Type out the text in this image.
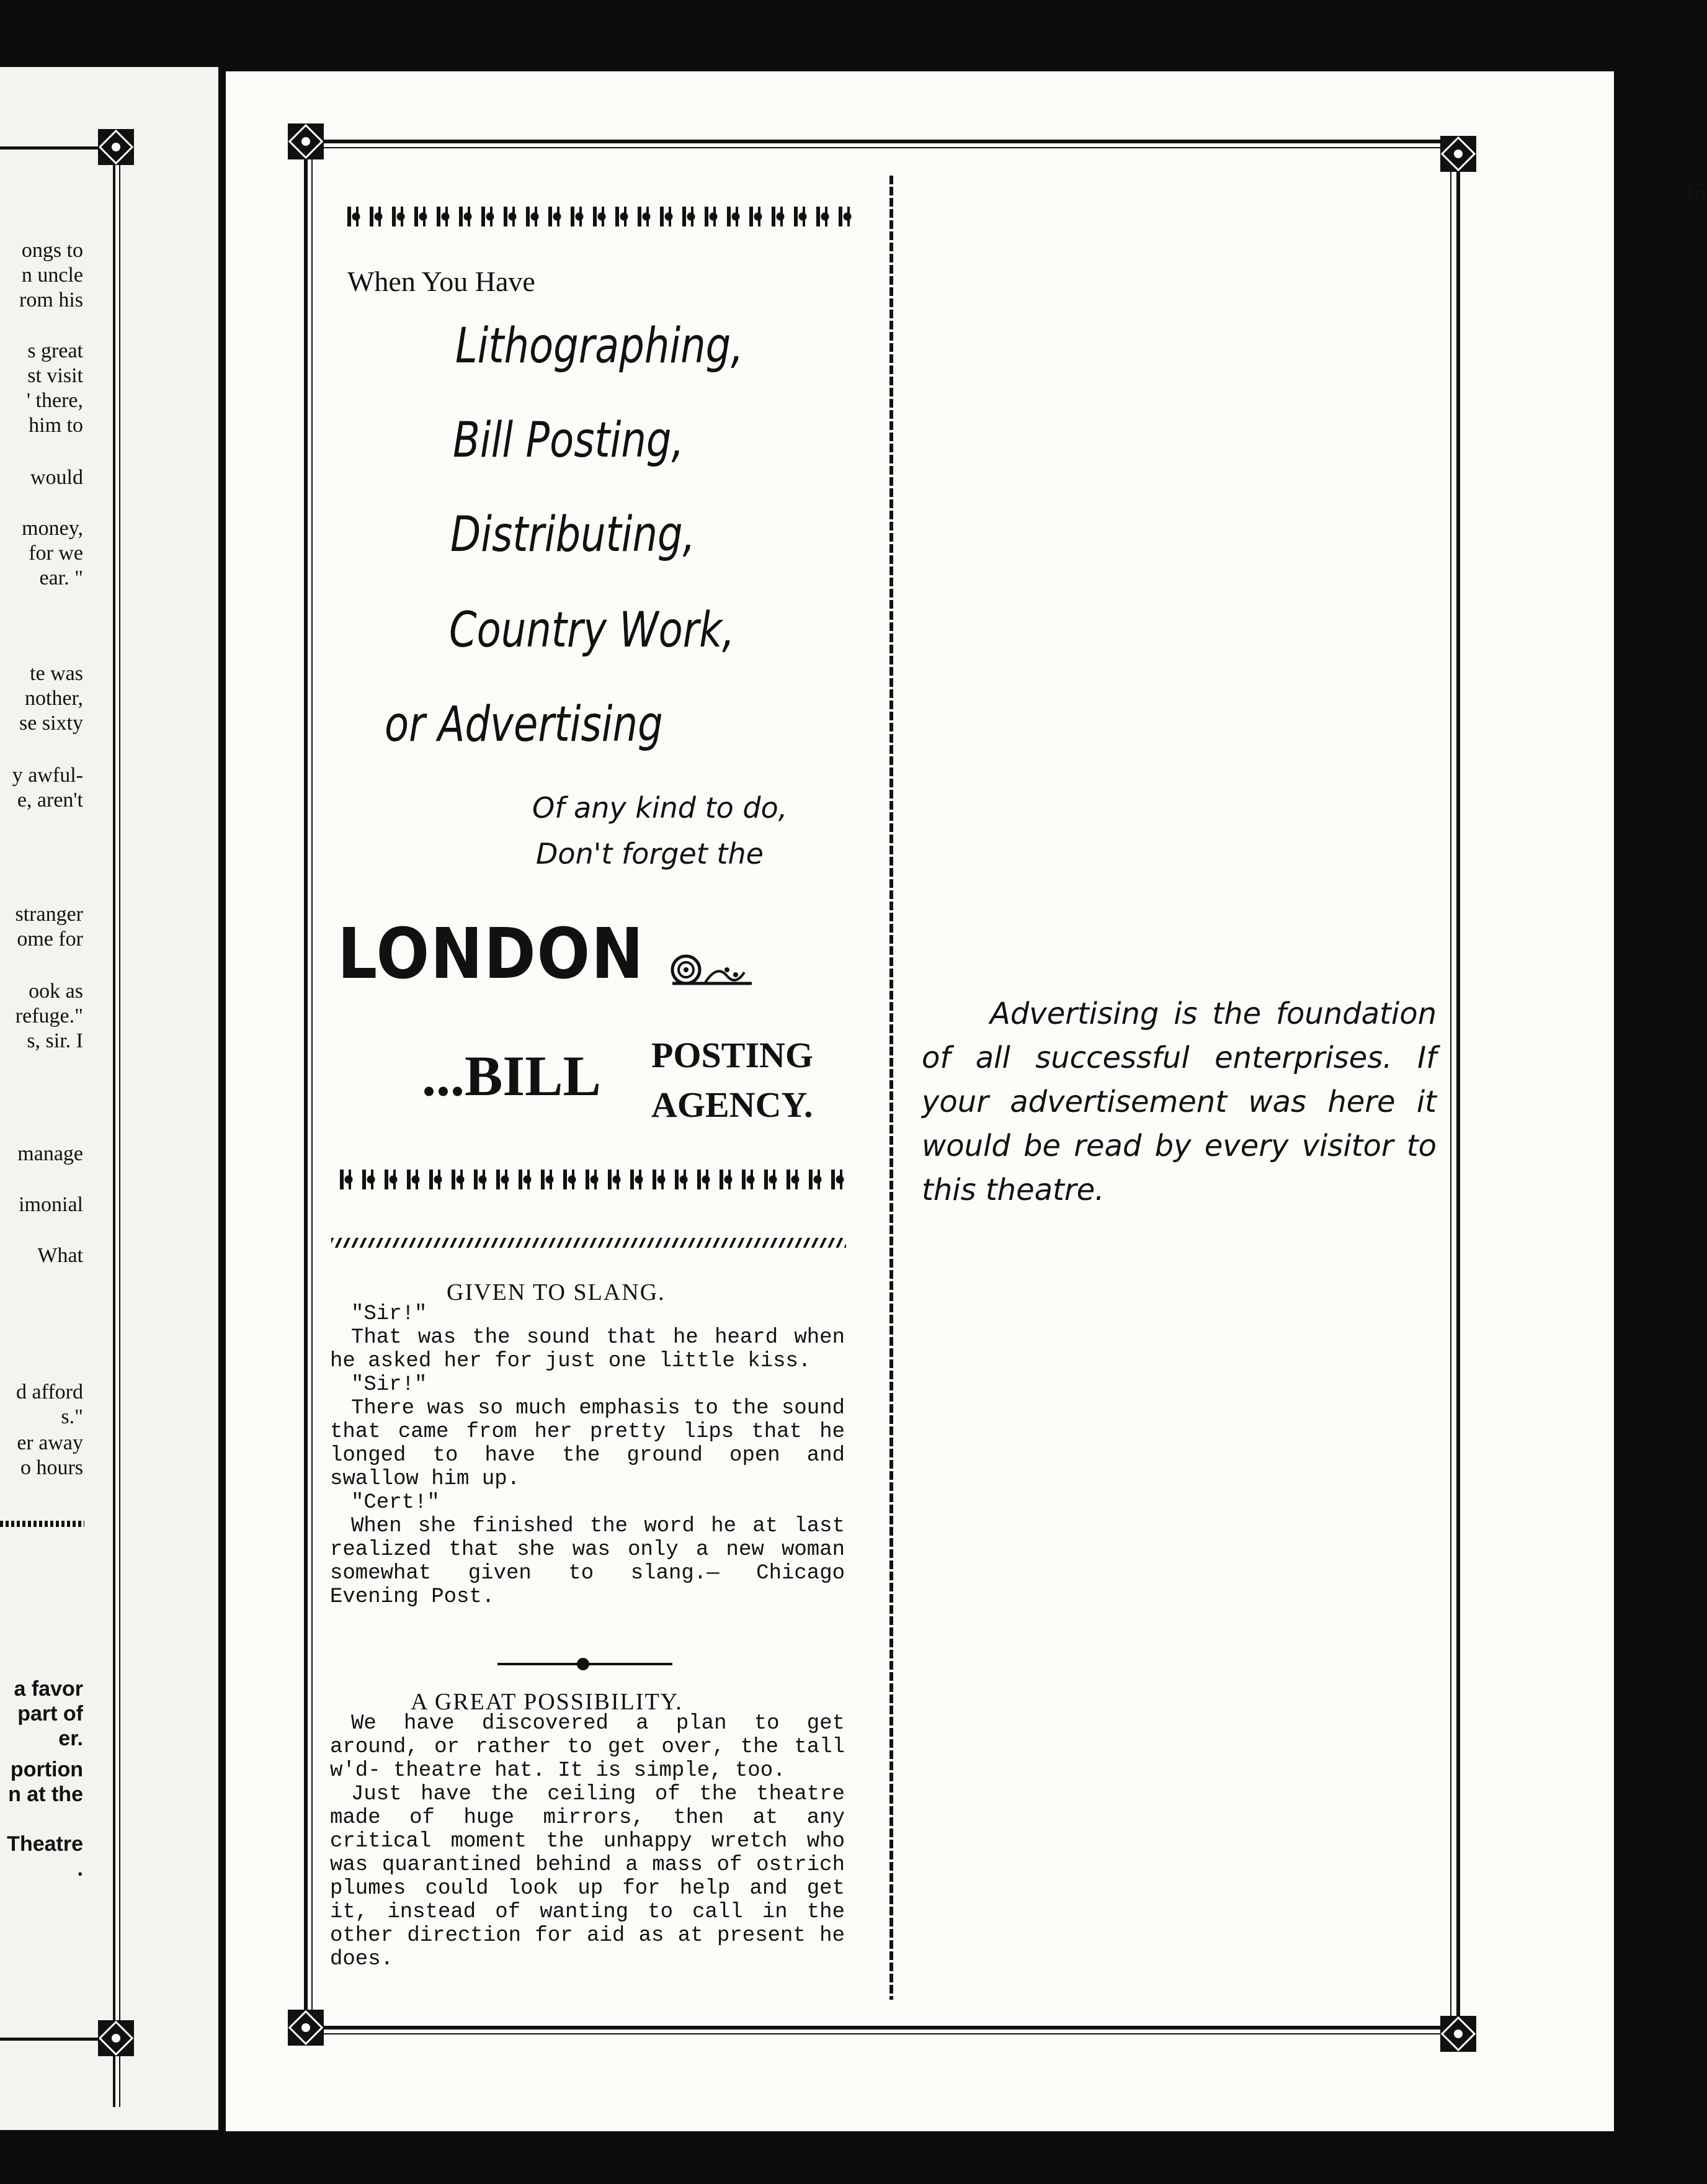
ongs to
n uncle
rom his
s great
st visit
' there,
him to
would
money,
for we
ear. "
te was
nother,
se sixty
y awful-
e, aren't
stranger
ome for
ook as
refuge."
s, sir. I
manage
imonial
What
d afford
s."
er away
o hours
a favor
part of
er.
portion
n at the
Theatre
.
15
When You Have
Lithographing,
Bill Posting,
Distributing,
Country Work,
or Advertising
Of any kind to do,
Don't forget the
LONDON
...BILL POSTING
AGENCY.
GIVEN TO SLANG.

"Sir!"

That was the sound that he heard when he asked her for just one little kiss.

"Sir!"

There was so much emphasis to the sound that came from her pretty lips that he longed to have the ground open and swallow him up.

"Cert!"

When she finished the word he at last realized that she was only a new woman somewhat given to slang.— Chicago Evening Post.

A GREAT POSSIBILITY.

We have discovered a plan to get around, or rather to get over, the tall w'd- theatre hat. It is simple, too.

Just have the ceiling of the theatre made of huge mirrors, then at any critical moment the unhappy wretch who was quarantined behind a mass of ostrich plumes could look up for help and get it, instead of wanting to call in the other direction for aid as at present he does.

Advertising is the foundation of all successful enterprises. If your advertisement was here it would be read by every visitor to this theatre.
